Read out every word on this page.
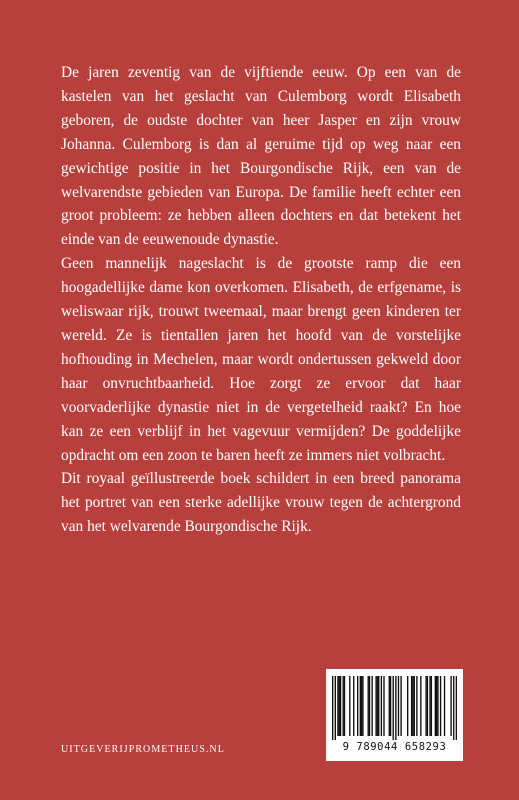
De jaren zeventig van de vijftiende eeuw. Op een van de kastelen van het geslacht van Culemborg wordt Elisabeth geboren, de oudste dochter van heer Jasper en zijn vrouw Johanna. Culemborg is dan al geruime tijd op weg naar een gewichtige positie in het Bourgondische Rijk, een van de welvarendste gebieden van Europa. De familie heeft echter een groot probleem: ze hebben alleen dochters en dat betekent het einde van de eeuwenoude dynastie.

Geen mannelijk nageslacht is de grootste ramp die een hoogadellijke dame kon overkomen. Elisabeth, de erfgename, is weliswaar rijk, trouwt tweemaal, maar brengt geen kinderen ter wereld. Ze is tientallen jaren het hoofd van de vorstelijke hofhouding in Mechelen, maar wordt ondertussen gekweld door haar onvruchtbaarheid. Hoe zorgt ze ervoor dat haar voorvaderlijke dynastie niet in de vergetelheid raakt? En hoe kan ze een verblijf in het vagevuur vermijden? De goddelijke opdracht om een zoon te baren heeft ze immers niet volbracht.

Dit royaal geïllustreerde boek schildert in een breed panorama het portret van een sterke adellijke vrouw tegen de achtergrond van het welvarende Bourgondische Rijk.

UITGEVERIJPROMETHEUS.NL	9 789044 658293
